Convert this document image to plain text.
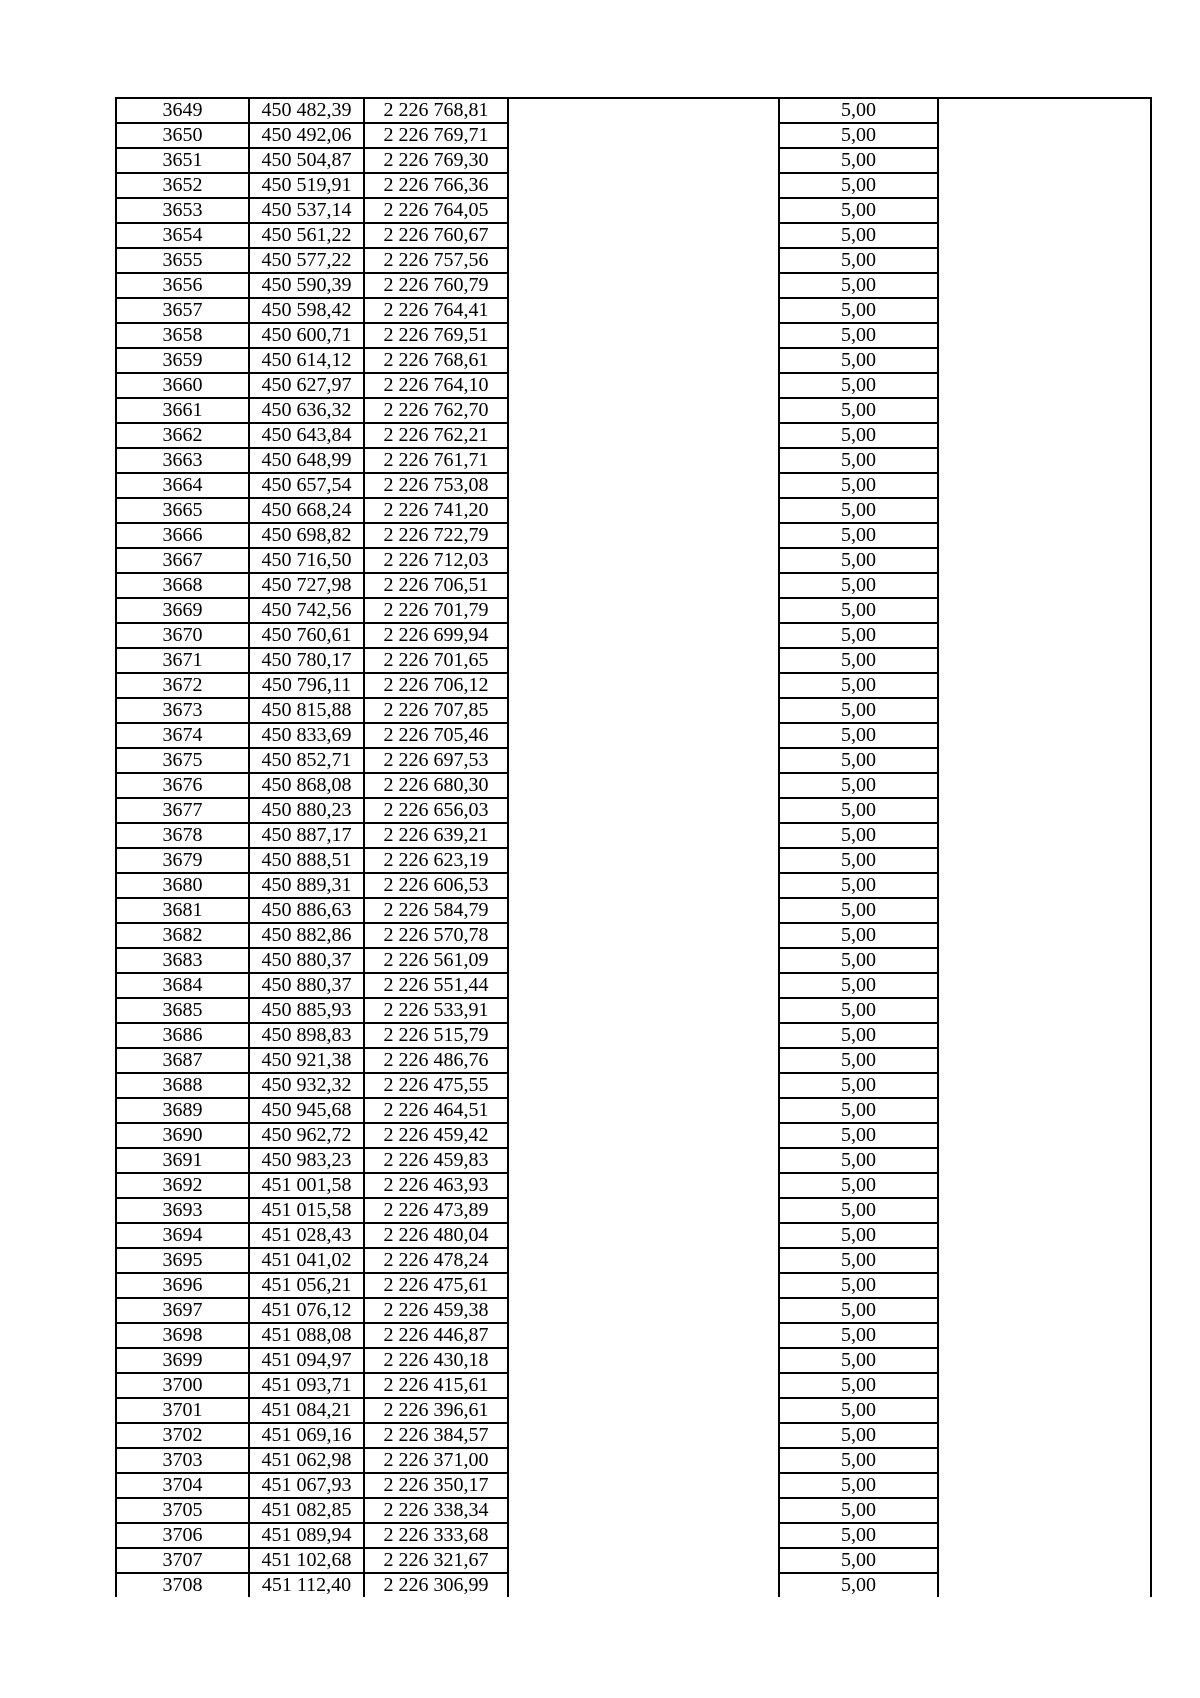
3649	450 482,39	2 226 768,81		5,00	
3650	450 492,06	2 226 769,71		5,00	
3651	450 504,87	2 226 769,30		5,00	
3652	450 519,91	2 226 766,36		5,00	
3653	450 537,14	2 226 764,05		5,00	
3654	450 561,22	2 226 760,67		5,00	
3655	450 577,22	2 226 757,56		5,00	
3656	450 590,39	2 226 760,79		5,00	
3657	450 598,42	2 226 764,41		5,00	
3658	450 600,71	2 226 769,51		5,00	
3659	450 614,12	2 226 768,61		5,00	
3660	450 627,97	2 226 764,10		5,00	
3661	450 636,32	2 226 762,70		5,00	
3662	450 643,84	2 226 762,21		5,00	
3663	450 648,99	2 226 761,71		5,00	
3664	450 657,54	2 226 753,08		5,00	
3665	450 668,24	2 226 741,20		5,00	
3666	450 698,82	2 226 722,79		5,00	
3667	450 716,50	2 226 712,03		5,00	
3668	450 727,98	2 226 706,51		5,00	
3669	450 742,56	2 226 701,79		5,00	
3670	450 760,61	2 226 699,94		5,00	
3671	450 780,17	2 226 701,65		5,00	
3672	450 796,11	2 226 706,12		5,00	
3673	450 815,88	2 226 707,85		5,00	
3674	450 833,69	2 226 705,46		5,00	
3675	450 852,71	2 226 697,53		5,00	
3676	450 868,08	2 226 680,30		5,00	
3677	450 880,23	2 226 656,03		5,00	
3678	450 887,17	2 226 639,21		5,00	
3679	450 888,51	2 226 623,19		5,00	
3680	450 889,31	2 226 606,53		5,00	
3681	450 886,63	2 226 584,79		5,00	
3682	450 882,86	2 226 570,78		5,00	
3683	450 880,37	2 226 561,09		5,00	
3684	450 880,37	2 226 551,44		5,00	
3685	450 885,93	2 226 533,91		5,00	
3686	450 898,83	2 226 515,79		5,00	
3687	450 921,38	2 226 486,76		5,00	
3688	450 932,32	2 226 475,55		5,00	
3689	450 945,68	2 226 464,51		5,00	
3690	450 962,72	2 226 459,42		5,00	
3691	450 983,23	2 226 459,83		5,00	
3692	451 001,58	2 226 463,93		5,00	
3693	451 015,58	2 226 473,89		5,00	
3694	451 028,43	2 226 480,04		5,00	
3695	451 041,02	2 226 478,24		5,00	
3696	451 056,21	2 226 475,61		5,00	
3697	451 076,12	2 226 459,38		5,00	
3698	451 088,08	2 226 446,87		5,00	
3699	451 094,97	2 226 430,18		5,00	
3700	451 093,71	2 226 415,61		5,00	
3701	451 084,21	2 226 396,61		5,00	
3702	451 069,16	2 226 384,57		5,00	
3703	451 062,98	2 226 371,00		5,00	
3704	451 067,93	2 226 350,17		5,00	
3705	451 082,85	2 226 338,34		5,00	
3706	451 089,94	2 226 333,68		5,00	
3707	451 102,68	2 226 321,67		5,00	
3708	451 112,40	2 226 306,99		5,00	
